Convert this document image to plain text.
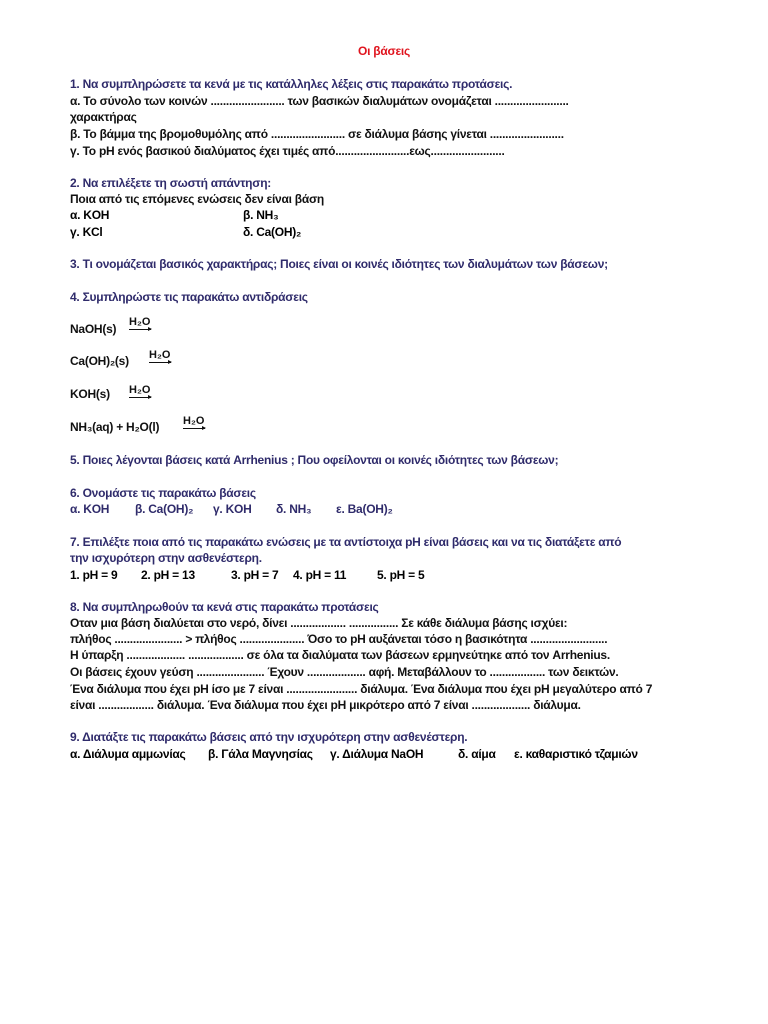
Οι βάσεις
1. Να συμπληρώσετε τα κενά με τις κατάλληλες λέξεις στις παρακάτω προτάσεις.
α. Το σύνολο των κοινών ........................ των βασικών διαλυμάτων ονομάζεται ........................
χαρακτήρας
β. Το βάμμα της βρομοθυμόλης από ........................ σε διάλυμα βάσης γίνεται ........................
γ. Το pH ενός βασικού διαλύματος έχει τιμές από........................εως........................
2. Να επιλέξετε τη σωστή απάντηση:
Ποια από τις επόμενες ενώσεις δεν είναι βάση
α. KOH	β. NH₃
γ. KCl	δ. Ca(OH)₂
3. Τι ονομάζεται βασικός χαρακτήρας; Ποιες είναι οι κοινές ιδιότητες των διαλυμάτων των βάσεων;
4. Συμπληρώστε τις παρακάτω αντιδράσεις
NaOH(s) H₂O
Ca(OH)₂(s) H₂O
KOH(s) H₂O
NH₃(aq) + H₂O(l) H₂O
5. Ποιες λέγονται βάσεις κατά Arrhenius ; Που οφείλονται οι κοινές ιδιότητες των βάσεων;
6. Ονομάστε τις παρακάτω βάσεις
α. KOH β. Ca(OH)₂ γ. KOH δ. NH₃ ε. Ba(OH)₂
7. Επιλέξτε ποια από τις παρακάτω ενώσεις με τα αντίστοιχα pH είναι βάσεις και να τις διατάξετε από
την ισχυρότερη στην ασθενέστερη.
1. pH = 9 2. pH = 13	3. pH = 7 4. pH = 11	5. pH = 5
8. Να συμπληρωθούν τα κενά στις παρακάτω προτάσεις
Οταν μια βάση διαλύεται στο νερό, δίνει .................. ................ Σε κάθε διάλυμα βάσης ισχύει:
πλήθος ...................... > πλήθος ..................... Όσο το pH αυξάνεται τόσο η βασικότητα .........................
Η ύπαρξη ................... .................. σε όλα τα διαλύματα των βάσεων ερμηνεύτηκε από τον Arrhenius.
Οι βάσεις έχουν γεύση ...................... Έχουν ................... αφή. Μεταβάλλουν το .................. των δεικτών.
Ένα διάλυμα που έχει pH ίσο με 7 είναι ....................... διάλυμα. Ένα διάλυμα που έχει pH μεγαλύτερο από 7
είναι .................. διάλυμα. Ένα διάλυμα που έχει pH μικρότερο από 7 είναι ................... διάλυμα.
9. Διατάξτε τις παρακάτω βάσεις από την ισχυρότερη στην ασθενέστερη.
α. Διάλυμα αμμωνίας β. Γάλα Μαγνησίας γ. Διάλυμα NaOH	δ. αίμα ε. καθαριστικό τζαμιών
